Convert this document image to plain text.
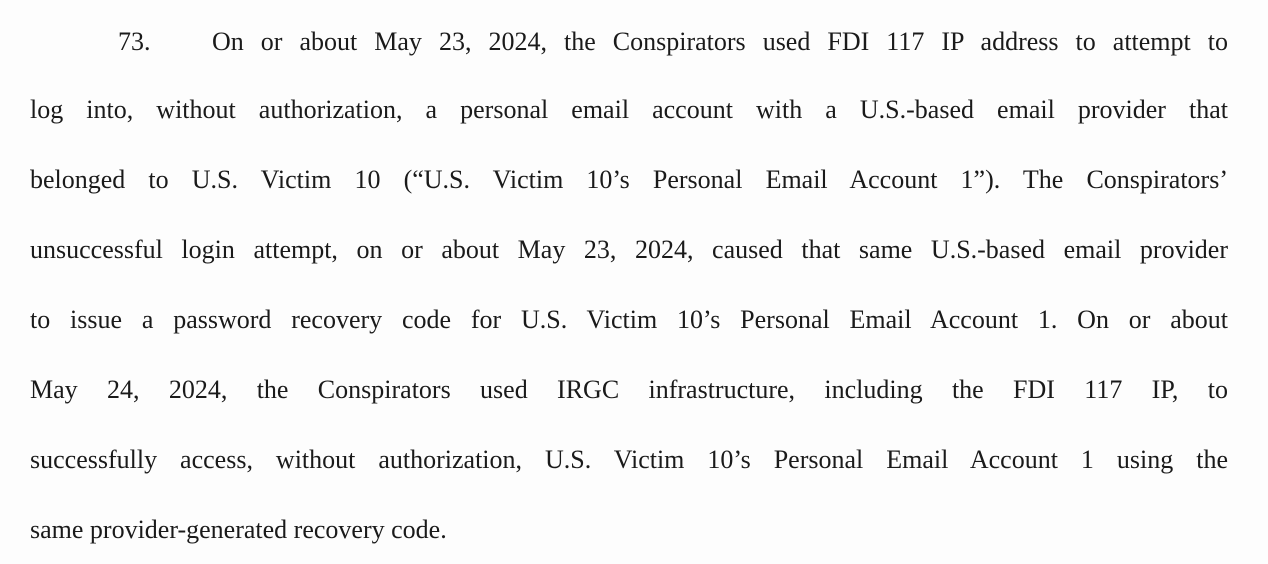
73. On or about May 23, 2024, the Conspirators used FDI 117 IP address to attempt to
log into, without authorization, a personal email account with a U.S.-based email provider that
belonged to U.S. Victim 10 (“U.S. Victim 10’s Personal Email Account 1”). The Conspirators’
unsuccessful login attempt, on or about May 23, 2024, caused that same U.S.-based email provider
to issue a password recovery code for U.S. Victim 10’s Personal Email Account 1. On or about
May 24, 2024, the Conspirators used IRGC infrastructure, including the FDI 117 IP, to
successfully access, without authorization, U.S. Victim 10’s Personal Email Account 1 using the
same provider-generated recovery code.
